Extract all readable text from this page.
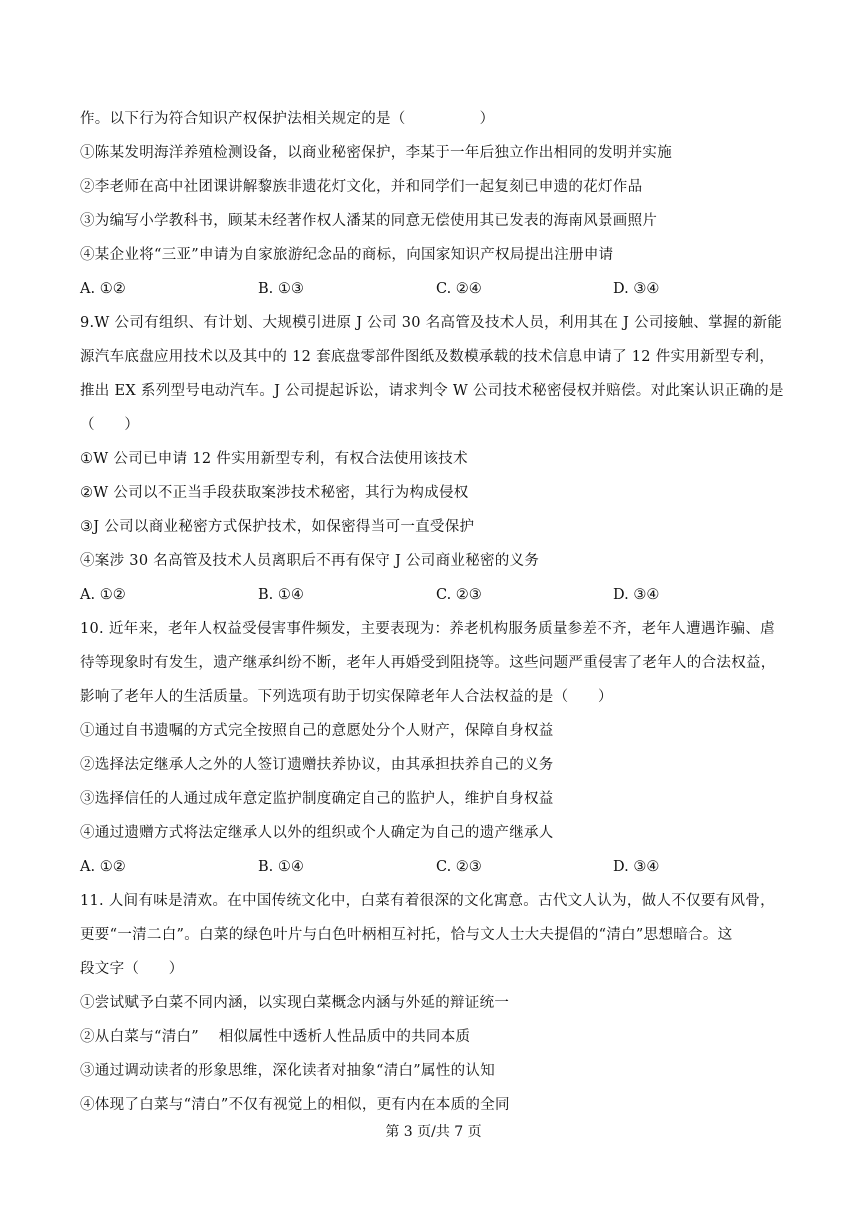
作。以下行为符合知识产权保护法相关规定的是（　　　　　）
①陈某发明海洋养殖检测设备，以商业秘密保护，李某于一年后独立作出相同的发明并实施
②李老师在高中社团课讲解黎族非遗花灯文化，并和同学们一起复刻已申遗的花灯作品
③为编写小学教科书，顾某未经著作权人潘某的同意无偿使用其已发表的海南风景画照片
④某企业将“三亚”申请为自家旅游纪念品的商标，向国家知识产权局提出注册申请
A. ①②	B. ①③	C. ②④	D. ③④
9.W 公司有组织、有计划、大规模引进原 J 公司 30 名高管及技术人员，利用其在 J 公司接触、掌握的新能
源汽车底盘应用技术以及其中的 12 套底盘零部件图纸及数模承载的技术信息申请了 12 件实用新型专利，
推出 EX 系列型号电动汽车。J 公司提起诉讼，请求判令 W 公司技术秘密侵权并赔偿。对此案认识正确的是
（　　）
①W 公司已申请 12 件实用新型专利，有权合法使用该技术
②W 公司以不正当手段获取案涉技术秘密，其行为构成侵权
③J 公司以商业秘密方式保护技术，如保密得当可一直受保护
④案涉 30 名高管及技术人员离职后不再有保守 J 公司商业秘密的义务
A. ①②	B. ①④	C. ②③	D. ③④
10. 近年来，老年人权益受侵害事件频发，主要表现为：养老机构服务质量参差不齐，老年人遭遇诈骗、虐
待等现象时有发生，遗产继承纠纷不断，老年人再婚受到阻挠等。这些问题严重侵害了老年人的合法权益，
影响了老年人的生活质量。下列选项有助于切实保障老年人合法权益的是（　　）
①通过自书遗嘱的方式完全按照自己的意愿处分个人财产，保障自身权益
②选择法定继承人之外的人签订遗赠扶养协议，由其承担扶养自己的义务
③选择信任的人通过成年意定监护制度确定自己的监护人，维护自身权益
④通过遗赠方式将法定继承人以外的组织或个人确定为自己的遗产继承人
A. ①②	B. ①④	C. ②③	D. ③④
11. 人间有味是清欢。在中国传统文化中，白菜有着很深的文化寓意。古代文人认为，做人不仅要有风骨，
更要“一清二白”。白菜的绿色叶片与白色叶柄相互衬托，恰与文人士大夫提倡的“清白”思想暗合。这
段文字（　　）
①尝试赋予白菜不同内涵，以实现白菜概念内涵与外延的辩证统一
②从白菜与“清白”　 相似属性中透析人性品质中的共同本质
③通过调动读者的形象思维，深化读者对抽象“清白”属性的认知
④体现了白菜与“清白”不仅有视觉上的相似，更有内在本质的全同
第 3 页/共 7 页
